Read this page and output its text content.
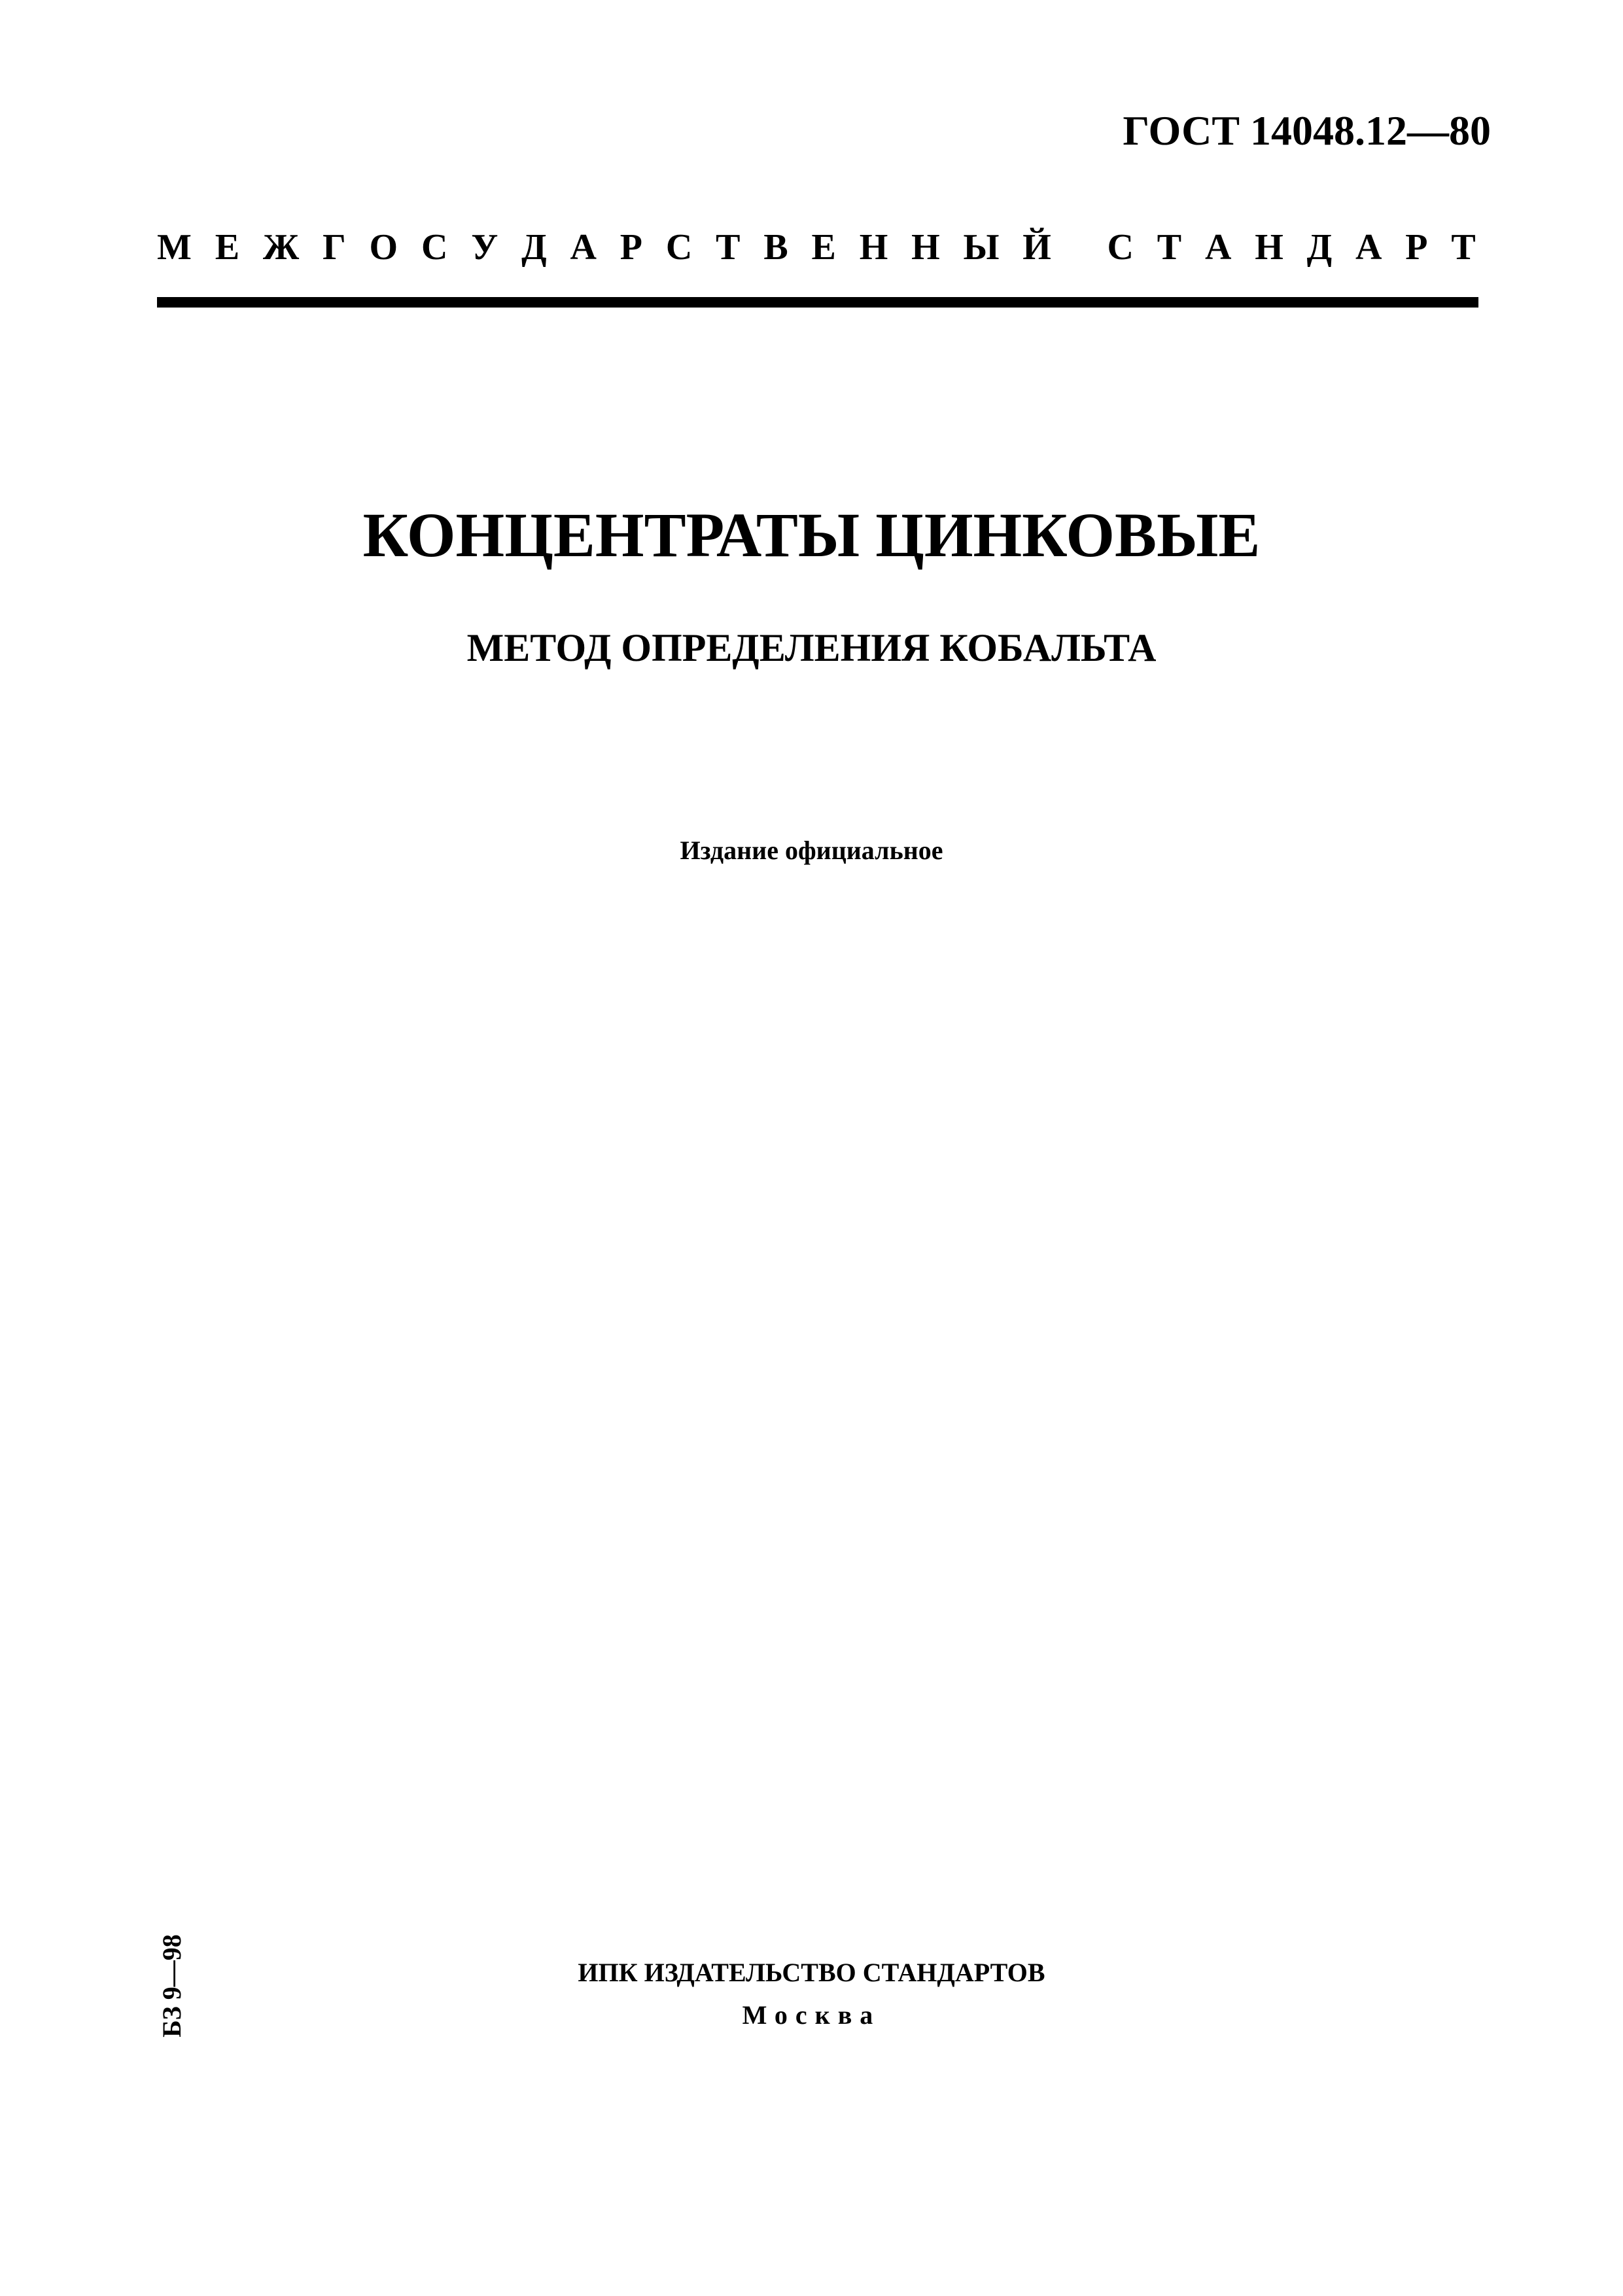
ГОСТ 14048.12—80
М Е Ж Г О С У Д А Р С Т В Е Н Н Ы Й
С Т А Н Д А Р Т
КОНЦЕНТРАТЫ ЦИНКОВЫЕ
МЕТОД ОПРЕДЕЛЕНИЯ КОБАЛЬТА
Издание официальное
БЗ 9—98	ИПК ИЗДАТЕЛЬСТВО СТАНДАРТОВ
Москва
